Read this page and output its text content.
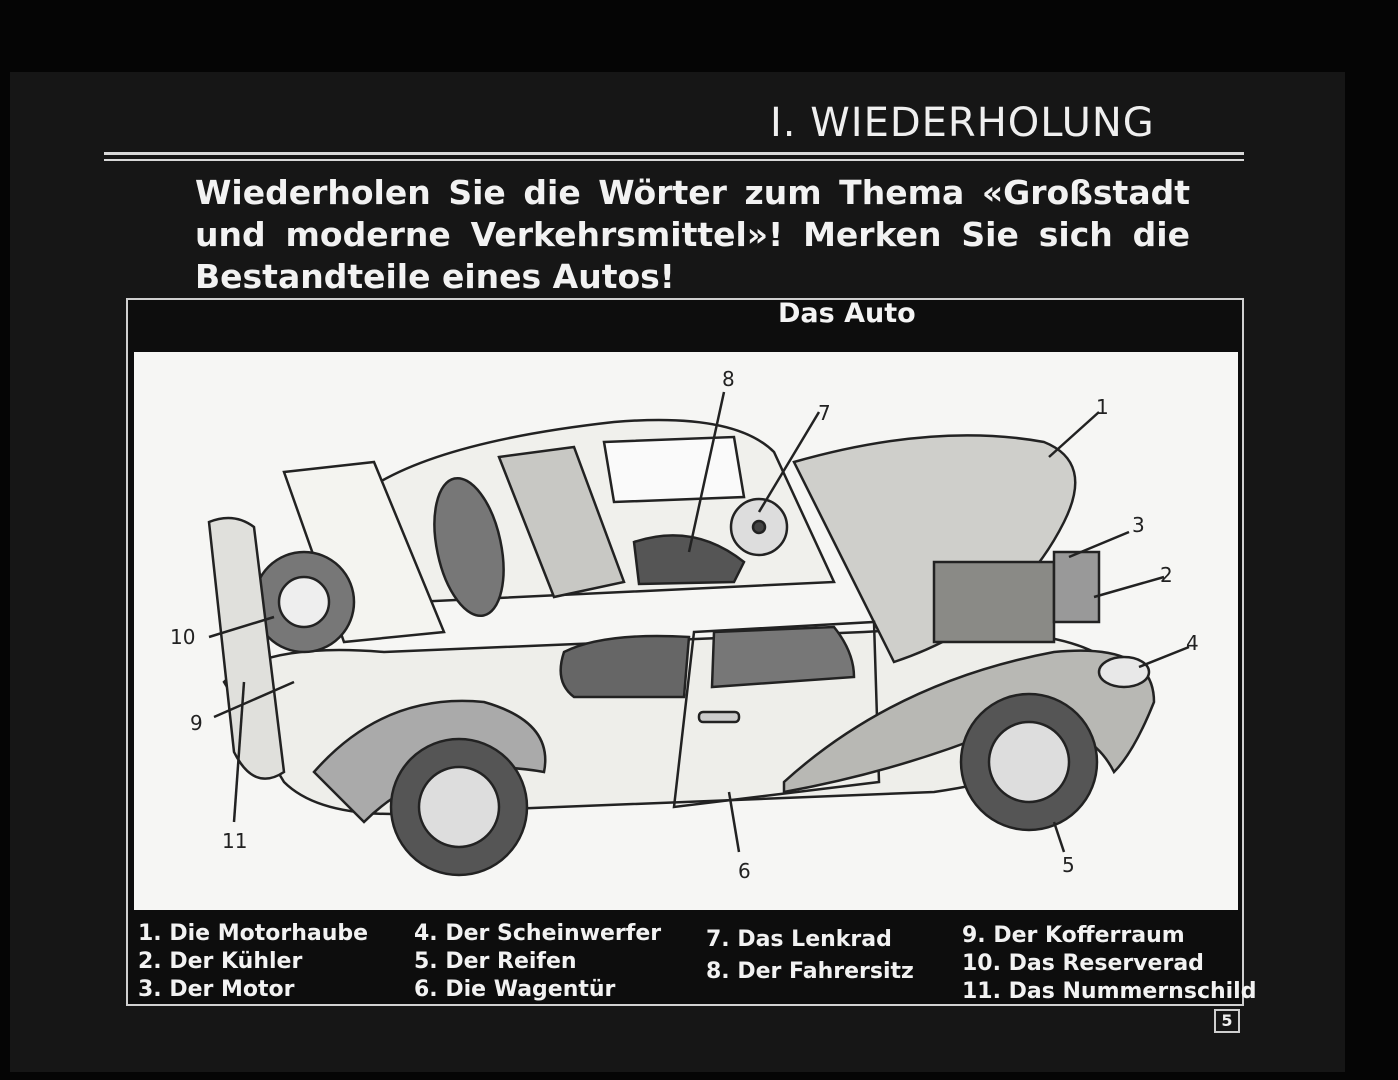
I. WIEDERHOLUNG
Wiederholen Sie die Wörter zum Thema «Großstadt und moderne Verkehrsmittel»! Merken Sie sich die Bestandteile eines Autos!
Das Auto
8
7	1
3
2
4
5
6
10
9
11
1. Die Motorhaube
2. Der Kühler
3. Der Motor
4. Der Scheinwerfer
5. Der Reifen
6. Die Wagentür
7. Das Lenkrad
8. Der Fahrersitz
9. Der Kofferraum
10. Das Reserverad
11. Das Nummernschild
5
